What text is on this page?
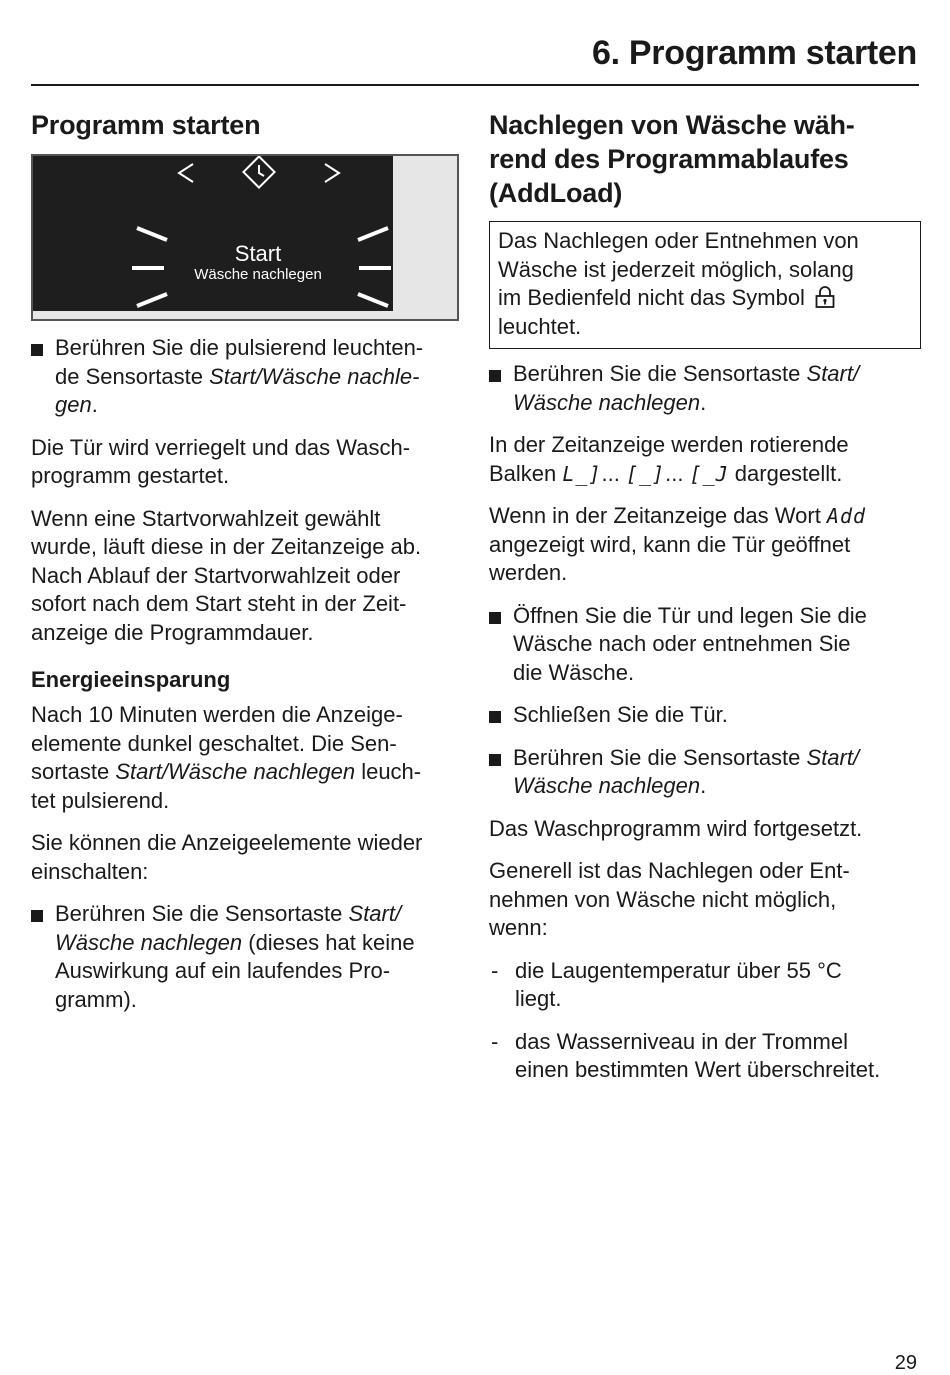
6. Programm starten
Programm starten
Start
Wäsche nachlegen
Berühren Sie die pulsierend leuchten-
de Sensortaste Start/Wäsche nachle-
gen.

Die Tür wird verriegelt und das Wasch-
programm gestartet.

Wenn eine Startvorwahlzeit gewählt
wurde, läuft diese in der Zeitanzeige ab.
Nach Ablauf der Startvorwahlzeit oder
sofort nach dem Start steht in der Zeit-
anzeige die Programmdauer.

Energieeinsparung

Nach 10 Minuten werden die Anzeige-
elemente dunkel geschaltet. Die Sen-
sortaste Start/Wäsche nachlegen leuch-
tet pulsierend.

Sie können die Anzeigeelemente wieder
einschalten:

Berühren Sie die Sensortaste Start/
Wäsche nachlegen (dieses hat keine
Auswirkung auf ein laufendes Pro-
gramm).
Nachlegen von Wäsche wäh-
rend des Programmablaufes
(AddLoad)
Das Nachlegen oder Entnehmen von
Wäsche ist jederzeit möglich, solang
im Bedienfeld nicht das Symbol
leuchtet.
Berühren Sie die Sensortaste Start/
Wäsche nachlegen.

In der Zeitanzeige werden rotierende
Balken L_]... [_]... [_J dargestellt.

Wenn in der Zeitanzeige das Wort Add
angezeigt wird, kann die Tür geöffnet
werden.

Öffnen Sie die Tür und legen Sie die
Wäsche nach oder entnehmen Sie
die Wäsche.
Schließen Sie die Tür.
Berühren Sie die Sensortaste Start/
Wäsche nachlegen.

Das Waschprogramm wird fortgesetzt.

Generell ist das Nachlegen oder Ent-
nehmen von Wäsche nicht möglich,
wenn:

- die Laugentemperatur über 55 °C
liegt.
- das Wasserniveau in der Trommel
einen bestimmten Wert überschreitet.
29
